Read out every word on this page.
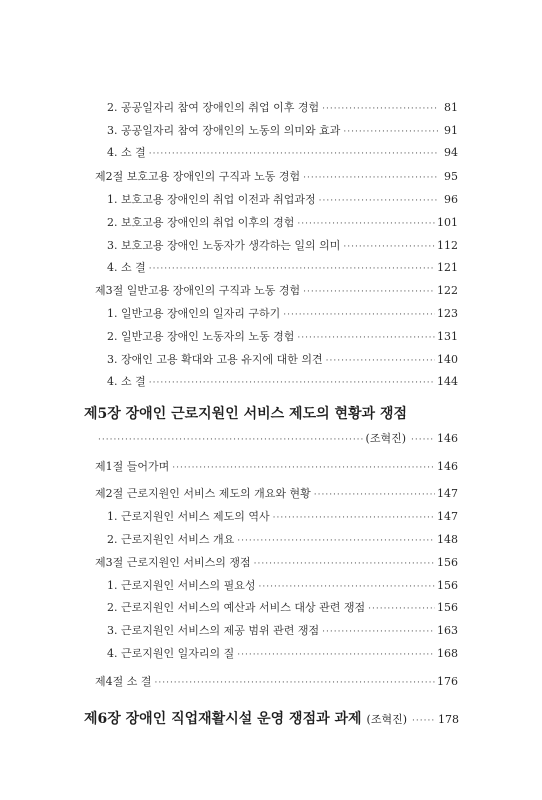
2. 공공일자리 참여 장애인의 취업 이후 경험 ·····	81
3. 공공일자리 참여 장애인의 노동의 의미와 효과 ·····	91
4. 소 결 ·····	94
제2절 보호고용 장애인의 구직과 노동 경험 ·····	95
1. 보호고용 장애인의 취업 이전과 취업과정 ·····	96
2. 보호고용 장애인의 취업 이후의 경험 ·····	101
3. 보호고용 장애인 노동자가 생각하는 일의 의미 ·····	112
4. 소 결 ·····	121
제3절 일반고용 장애인의 구직과 노동 경험 ·····	122
1. 일반고용 장애인의 일자리 구하기 ·····	123
2. 일반고용 장애인 노동자의 노동 경험 ·····	131
3. 장애인 고용 확대와 고용 유지에 대한 의견 ·····	140
4. 소 결 ·····	144
제5장 장애인 근로지원인 서비스 제도의 현황과 쟁점
·····
(조혁진) ·····	146
제1절 들어가며 ·····	146
제2절 근로지원인 서비스 제도의 개요와 현황 ·····	147
1. 근로지원인 서비스 제도의 역사 ·····	147
2. 근로지원인 서비스 개요 ·····	148
제3절 근로지원인 서비스의 쟁점 ·····	156
1. 근로지원인 서비스의 필요성 ·····	156
2. 근로지원인 서비스의 예산과 서비스 대상 관련 쟁점 ·····	156
3. 근로지원인 서비스의 제공 범위 관련 쟁점 ·····	163
4. 근로지원인 일자리의 질 ·····	168
제4절 소 결 ·····	176
제6장 장애인 직업재활시설 운영 쟁점과 과제 (조혁진) ·····	178
